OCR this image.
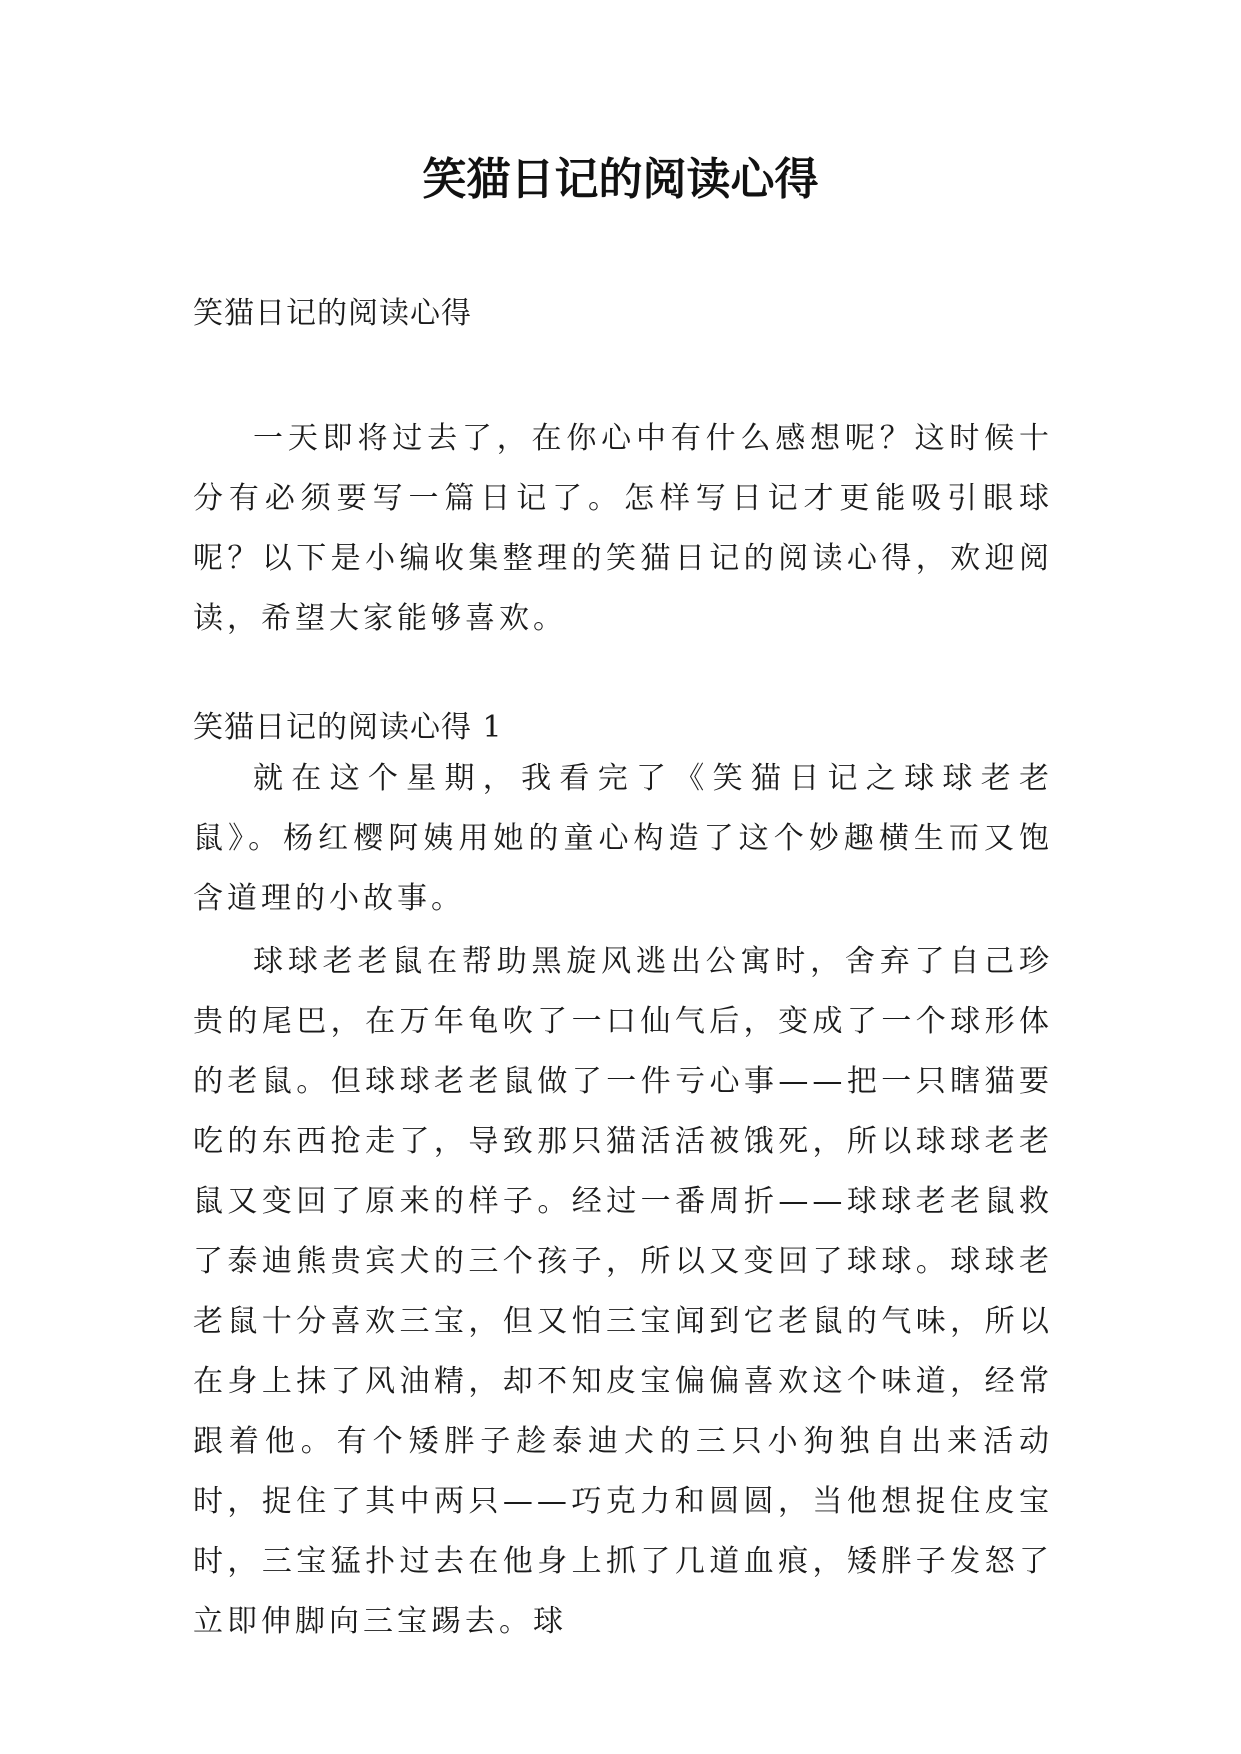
笑猫日记的阅读心得

笑猫日记的阅读心得

一天即将过去了，在你心中有什么感想呢？这时候十分有必须要写一篇日记了。怎样写日记才更能吸引眼球呢？以下是小编收集整理的笑猫日记的阅读心得，欢迎阅读，希望大家能够喜欢。

笑猫日记的阅读心得 1

就在这个星期，我看完了《笑猫日记之球球老老鼠》。杨红樱阿姨用她的童心构造了这个妙趣横生而又饱含道理的小故事。

球球老老鼠在帮助黑旋风逃出公寓时，舍弃了自己珍贵的尾巴，在万年龟吹了一口仙气后，变成了一个球形体的老鼠。但球球老老鼠做了一件亏心事——把一只瞎猫要吃的东西抢走了，导致那只猫活活被饿死，所以球球老老鼠又变回了原来的样子。经过一番周折——球球老老鼠救了泰迪熊贵宾犬的三个孩子，所以又变回了球球。球球老老鼠十分喜欢三宝，但又怕三宝闻到它老鼠的气味，所以在身上抹了风油精，却不知皮宝偏偏喜欢这个味道，经常跟着他。有个矮胖子趁泰迪犬的三只小狗独自出来活动时，捉住了其中两只——巧克力和圆圆，当他想捉住皮宝时，三宝猛扑过去在他身上抓了几道血痕，矮胖子发怒了立即伸脚向三宝踢去。球
